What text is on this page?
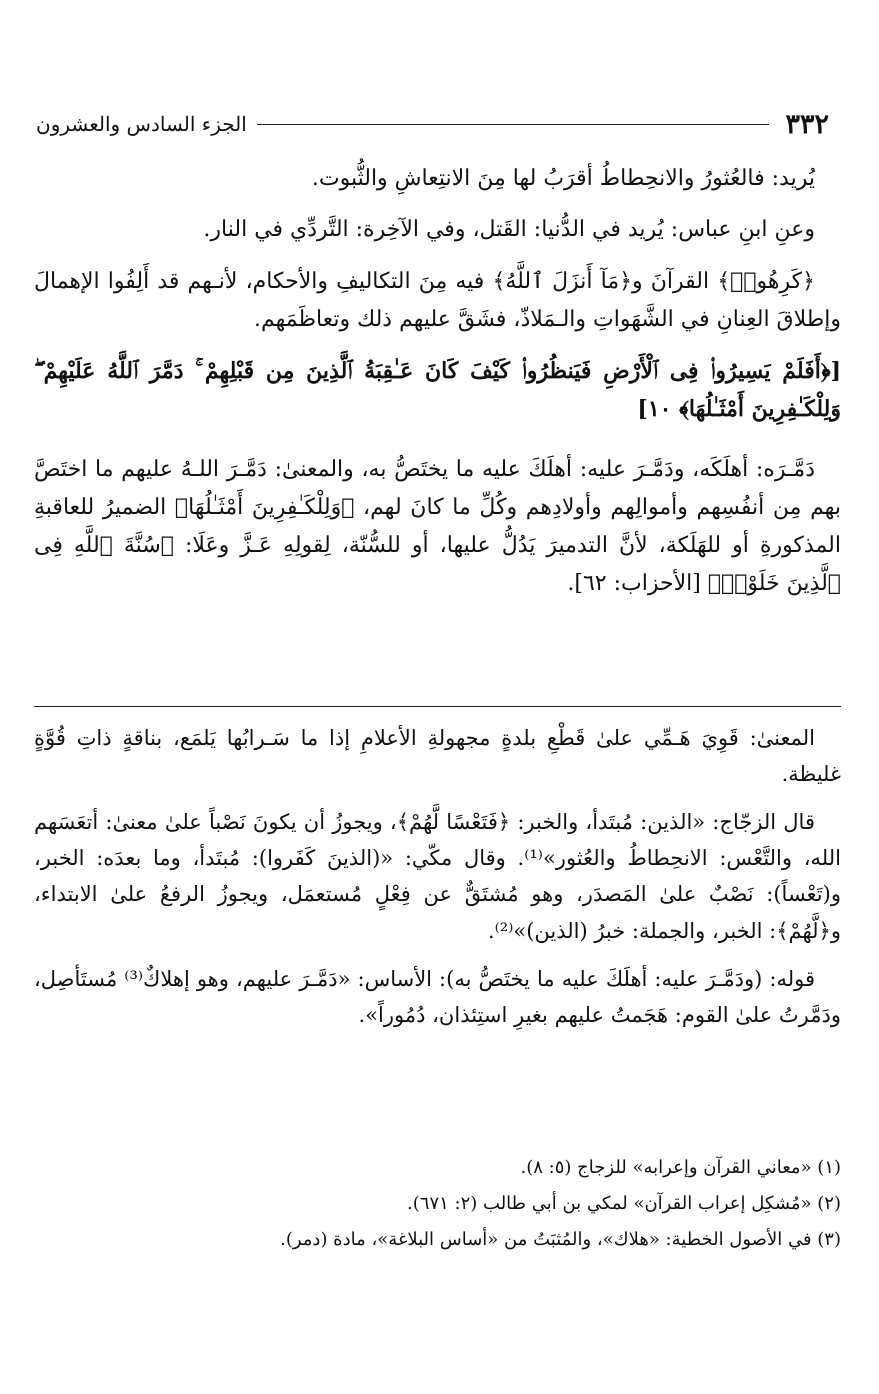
٣٣٢
الجزء السادس والعشرون

يُريد: فالعُثورُ والانحِطاطُ أقرَبُ لها مِنَ الانتِعاشِ والثُّبوت.

وعنِ ابنِ عباس: يُريد في الدُّنيا: القَتل، وفي الآخِرة: التَّردِّي في النار.

﴿كَرِهُوا۟﴾ القرآنَ و﴿مَآ أَنزَلَ ٱللَّهُ﴾ فيه مِنَ التكاليفِ والأحكام، لأنـهم قد أَلِفُوا الإهمالَ وإطلاقَ العِنانِ في الشَّهَواتِ والـمَلاذّ، فشَقَّ عليهم ذلك وتعاظَمَهم.

[﴿أَفَلَمْ يَسِيرُوا۟ فِى ٱلْأَرْضِ فَيَنظُرُوا۟ كَيْفَ كَانَ عَـٰقِبَةُ ٱلَّذِينَ مِن قَبْلِهِمْ ۚ دَمَّرَ ٱللَّهُ عَلَيْهِمْ ۖ وَلِلْكَـٰفِرِينَ أَمْثَـٰلُهَا﴾ ١٠]

دَمَّـرَه: أهلَكَه، ودَمَّـرَ عليه: أهلَكَ عليه ما يختَصُّ به، والمعنىٰ: دَمَّـرَ اللـهُ عليهم ما اختَصَّ بهم مِن أنفُسِهم وأموالِهم وأولادِهم وكُلِّ ما كانَ لهم، ﴿وَلِلْكَـٰفِرِينَ أَمْثَـٰلُهَا﴾ الضميرُ للعاقبةِ المذكورةِ أو للهَلَكة، لأنَّ التدميرَ يَدُلُّ عليها، أو للسُّنّة، لِقولِهِ عَـزَّ وعَلَا: ﴿سُنَّةَ ٱللَّهِ فِى ٱلَّذِينَ خَلَوْا۟﴾ [الأحزاب: ٦٢].

المعنىٰ: قَوِيَ هَـمِّي علىٰ قَطْعِ بلدةٍ مجهولةِ الأعلامِ إذا ما سَـرابُها يَلمَع، بناقةٍ ذاتِ قُوَّةٍ غليظة.

قال الزجّاج: «الذين: مُبتَدأ، والخبر: ﴿فَتَعْسًا لَّهُمْ﴾، ويجوزُ أن يكونَ نَصْباً علىٰ معنىٰ: أتعَسَهم الله، والتَّعْس: الانحِطاطُ والعُثور»⁽¹⁾. وقال مكّي: «(الذينَ كَفَروا): مُبتَدأ، وما بعدَه: الخبر، و(تَعْساً): نَصْبٌ علىٰ المَصدَر، وهو مُشتَقٌّ عن فِعْلٍ مُستعمَل، ويجوزُ الرفعُ علىٰ الابتداء، و﴿لَّهُمْ﴾: الخبر، والجملة: خبرُ (الذين)»⁽²⁾.

قوله: (ودَمَّـرَ عليه: أهلَكَ عليه ما يختَصُّ به): الأساس: «دَمَّـرَ عليهم، وهو إهلاكٌ⁽³⁾ مُستَأصِل، ودَمَّرتُ علىٰ القوم: هَجَمتُ عليهم بغيرِ استِئذان، دُمُوراً».

(١) «معاني القرآن وإعرابه» للزجاج (٥: ٨).

(٢) «مُشكِل إعراب القرآن» لمكي بن أبي طالب (٢: ٦٧١).

(٣) في الأصول الخطية: «هلاك»، والمُثبَتُ من «أساس البلاغة»، مادة (دمر).
